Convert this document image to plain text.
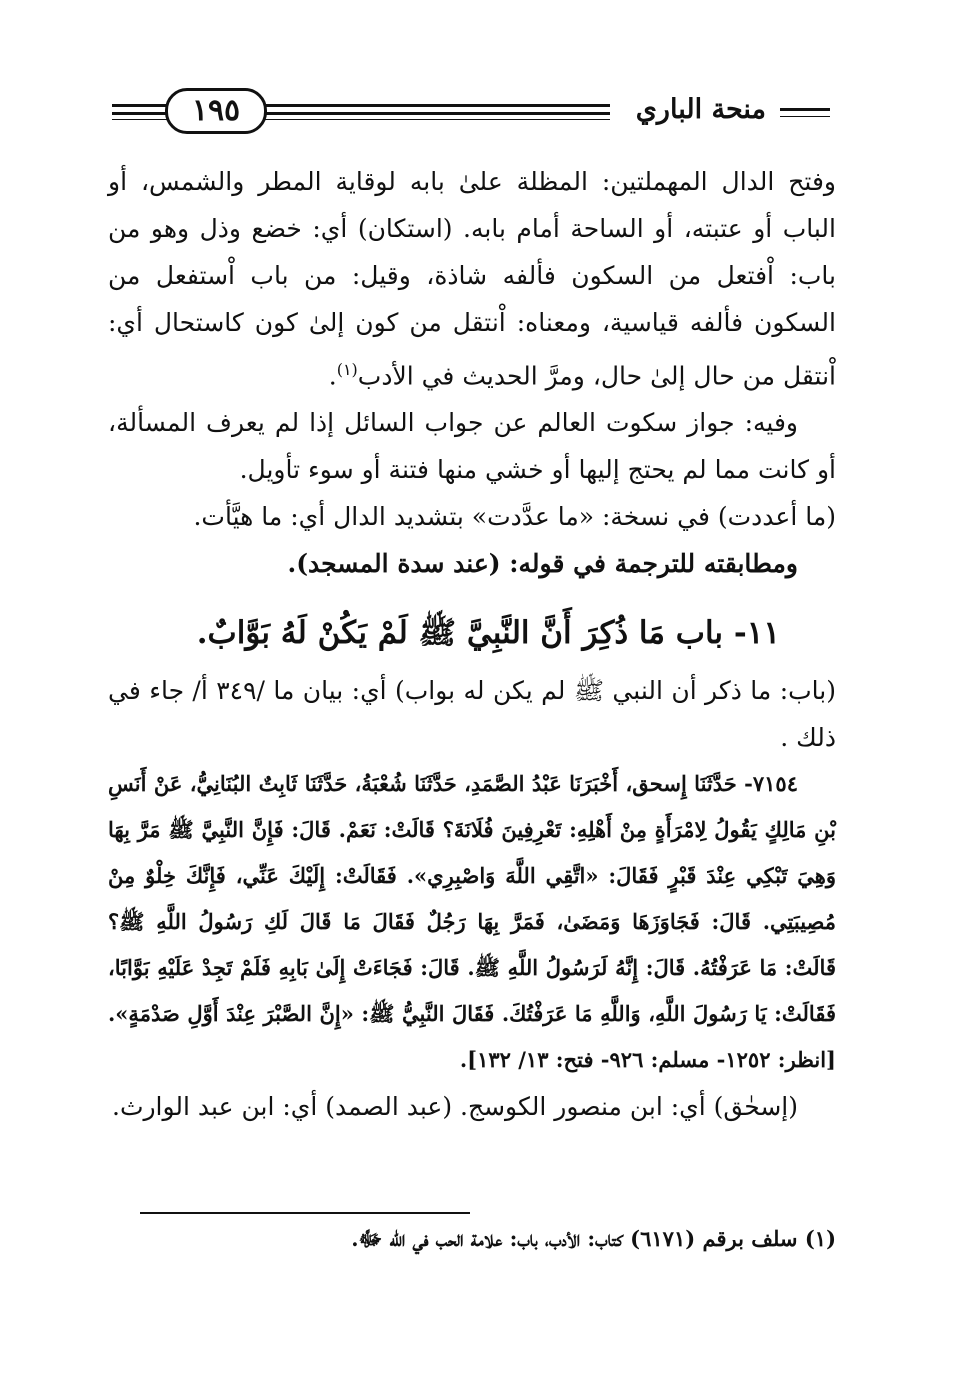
١٩٥	منحة الباري

وفتح الدال المهملتين: المظلة علىٰ بابه لوقاية المطر والشمس، أو الباب أو عتبته، أو الساحة أمام بابه. (استكان) أي: خضع وذل وهو من باب: اْفتعل من السكون فألفه شاذة، وقيل: من باب اْستفعل من السكون فألفه قياسية، ومعناه: اْنتقل من كون إلىٰ كون كاستحال أي: اْنتقل من حال إلىٰ حال، ومرَّ الحديث في الأدب$^{(١)}$.

وفيه: جواز سكوت العالم عن جواب السائل إذا لم يعرف المسألة، أو كانت مما لم يحتج إليها أو خشي منها فتنة أو سوء تأويل.

(ما أعددت) في نسخة: «ما عدَّدت» بتشديد الدال أي: ما هيَّأت.

ومطابقته للترجمة في قوله: (عند سدة المسجد).

١١- باب مَا ذُكِرَ أَنَّ النَّبِيَّ ﷺ لَمْ يَكُنْ لَهُ بَوَّابٌ.

(باب: ما ذكر أن النبي ﷺ لم يكن له بواب) أي: بيان ما /٣٤٩ أ/ جاء في ذلك .

٧١٥٤- حَدَّثَنَا إِسحق، أَخْبَرَنَا عَبْدُ الصَّمَدِ، حَدَّثَنَا شُعْبَةُ، حَدَّثَنَا ثَابِتٌ البُنَانِيُّ، عَنْ أَنَسِ بْنِ مَالِكٍ يَقُولُ لِامْرَأَةٍ مِنْ أَهْلِهِ: تَعْرِفِينَ فُلَانَةَ؟ قَالَتْ: نَعَمْ. قَالَ: فَإِنَّ النَّبِيَّ ﷺ مَرَّ بِهَا وَهِيَ تَبْكِي عِنْدَ قَبْرٍ فَقَالَ: «اتَّقِي اللَّهَ وَاصْبِرِي». فَقَالَتْ: إِلَيْكَ عَنِّي، فَإِنَّكَ خِلْوٌ مِنْ مُصِيبَتِي. قَالَ: فَجَاوَزَهَا وَمَضَىٰ، فَمَرَّ بِهَا رَجُلٌ فَقَالَ مَا قَالَ لَكِ رَسُولُ اللَّهِ ﷺ؟ قَالَتْ: مَا عَرَفْتُهُ. قَالَ: إِنَّهُ لَرَسُولُ اللَّهِ ﷺ. قَالَ: فَجَاءَتْ إِلَىٰ بَابِهِ فَلَمْ تَجِدْ عَلَيْهِ بَوَّابًا، فَقَالَتْ: يَا رَسُولَ اللَّهِ، وَاللَّهِ مَا عَرَفْتُكَ. فَقَالَ النَّبِيُّ ﷺ: «إِنَّ الصَّبْرَ عِنْدَ أَوَّلِ صَدْمَةٍ». [انظر: ١٢٥٢- مسلم: ٩٢٦- فتح: ١٣/ ١٣٢].

(إسحٰق) أي: ابن منصور الكوسج. (عبد الصمد) أي: ابن عبد الوارث.

(١) سلف برقم (٦١٧١) كتاب: الأدب، باب: علامة الحب في الله ﷻ.
